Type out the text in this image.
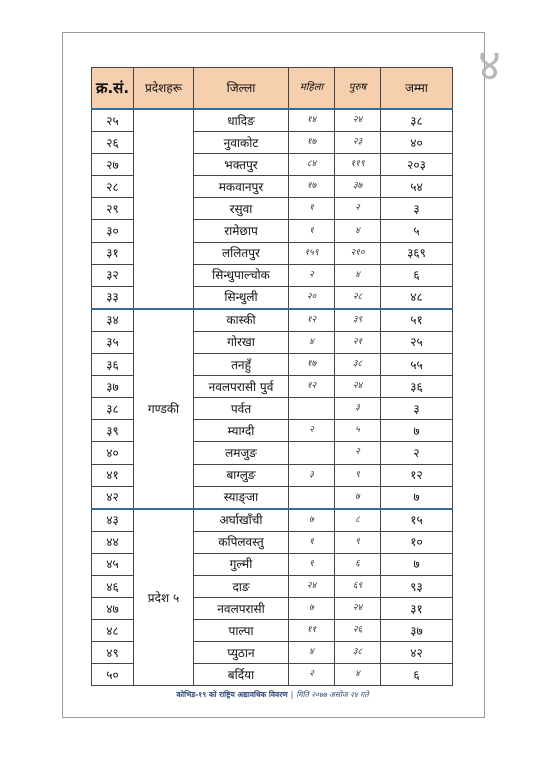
४
क्र.सं.	प्रदेशहरू	जिल्ला	महिला	पुरुष	जम्मा
२५		धादिङ	१४	२४	३८
२६		नुवाकोट	१७	२३	४०
२७		भक्तपुर	८४	११९	२०३
२८		मकवानपुर	१७	३७	५४
२९		रसुवा	१	२	३
३०		रामेछाप	१	४	५
३१		ललितपुर	१५९	२१०	३६९
३२		सिन्धुपाल्चोक	२	४	६
३३		सिन्धुली	२०	२८	४८
३४	गण्डकी	कास्की	१२	३९	५१
३५		गोरखा	४	२१	२५
३६		तनहुँ	१७	३८	५५
३७		नवलपरासी पुर्व	१२	२४	३६
३८		पर्वत		३	३
३९		म्याग्दी	२	५	७
४०		लमजुङ		२	२
४१		बाग्लुङ	३	९	१२
४२		स्याङ्जा		७	७
४३	प्रदेश ५	अर्घाखाँची	७	८	१५
४४		कपिलवस्तु	१	९	१०
४५		गुल्मी	१	६	७
४६		दाङ	२४	६९	९३
४७		नवलपरासी	७	२४	३१
४८		पाल्पा	११	२६	३७
४९		प्युठान	४	३८	४२
५०		बर्दिया	२	४	६
कोभिड-१९ को राष्ट्रिय अद्यावधिक विवरण | मिति २०७७ असोज २४ गते
